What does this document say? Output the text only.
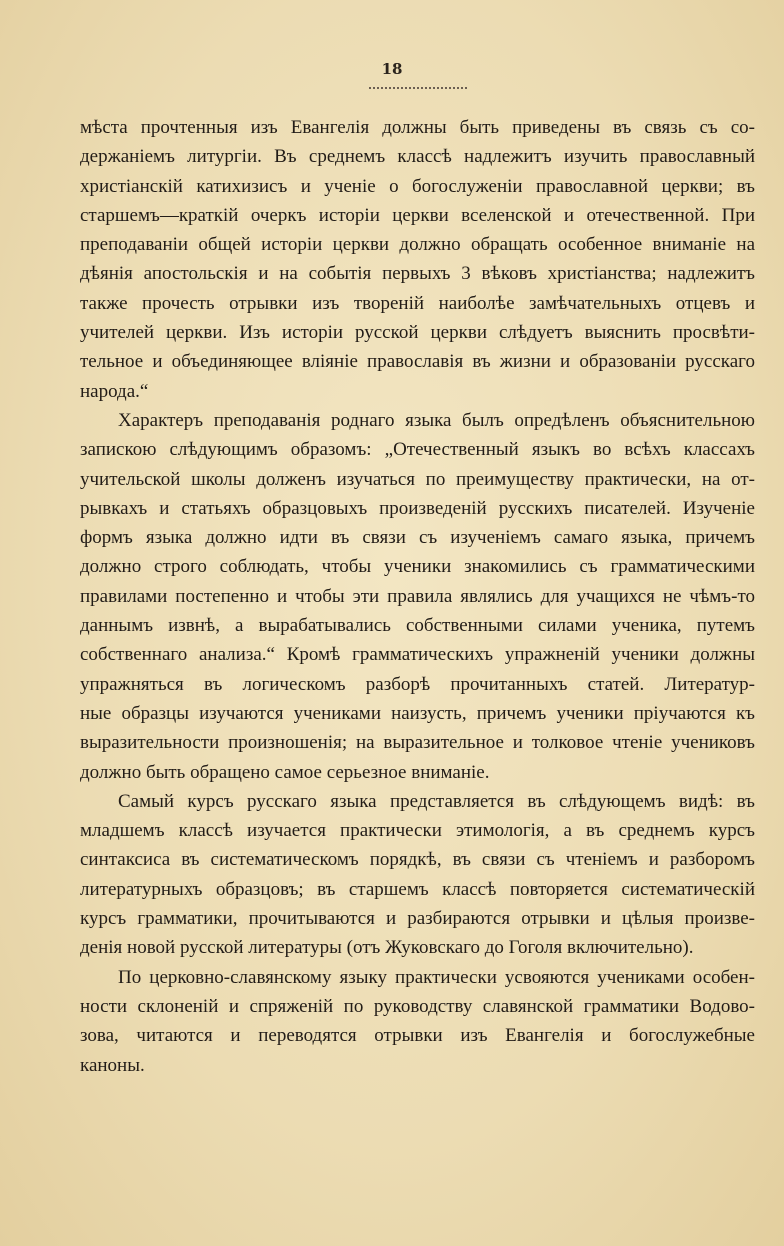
18
мѣста прочтенныя изъ Евангелія должны быть приведены въ связь съ со-
держаніемъ литургіи. Въ среднемъ классѣ надлежитъ изучить православный
христіанскій катихизисъ и ученіе о богослуженіи православной церкви; въ
старшемъ—краткій очеркъ исторіи церкви вселенской и отечественной. При
преподаваніи общей исторіи церкви должно обращать особенное вниманіе на
дѣянія апостольскія и на событія первыхъ 3 вѣковъ христіанства; надлежитъ
также прочесть отрывки изъ твореній наиболѣе замѣчательныхъ отцевъ и
учителей церкви. Изъ исторіи русской церкви слѣдуетъ выяснить просвѣти-
тельное и объединяющее вліяніе православія въ жизни и образованіи русскаго
народа.“
Характеръ преподаванія роднаго языка былъ опредѣленъ объяснительною
запискою слѣдующимъ образомъ: „Отечественный языкъ во всѣхъ классахъ
учительской школы долженъ изучаться по преимуществу практически, на от-
рывкахъ и статьяхъ образцовыхъ произведеній русскихъ писателей. Изученіе
формъ языка должно идти въ связи съ изученіемъ самаго языка, причемъ
должно строго соблюдать, чтобы ученики знакомились съ грамматическими
правилами постепенно и чтобы эти правила являлись для учащихся не чѣмъ-то
даннымъ извнѣ, а вырабатывались собственными силами ученика, путемъ
собственнаго анализа.“ Кромѣ грамматическихъ упражненій ученики должны
упражняться въ логическомъ разборѣ прочитанныхъ статей. Литератур-
ные образцы изучаются учениками наизусть, причемъ ученики пріучаются къ
выразительности произношенія; на выразительное и толковое чтеніе учениковъ
должно быть обращено самое серьезное вниманіе.
Самый курсъ русскаго языка представляется въ слѣдующемъ видѣ: въ
младшемъ классѣ изучается практически этимологія, а въ среднемъ курсъ
синтаксиса въ систематическомъ порядкѣ, въ связи съ чтеніемъ и разборомъ
литературныхъ образцовъ; въ старшемъ классѣ повторяется систематическій
курсъ грамматики, прочитываются и разбираются отрывки и цѣлыя произве-
денія новой русской литературы (отъ Жуковскаго до Гоголя включительно).
По церковно-славянскому языку практически усвояются учениками особен-
ности склоненій и спряженій по руководству славянской грамматики Водово-
зова, читаются и переводятся отрывки изъ Евангелія и богослужебные
каноны.
